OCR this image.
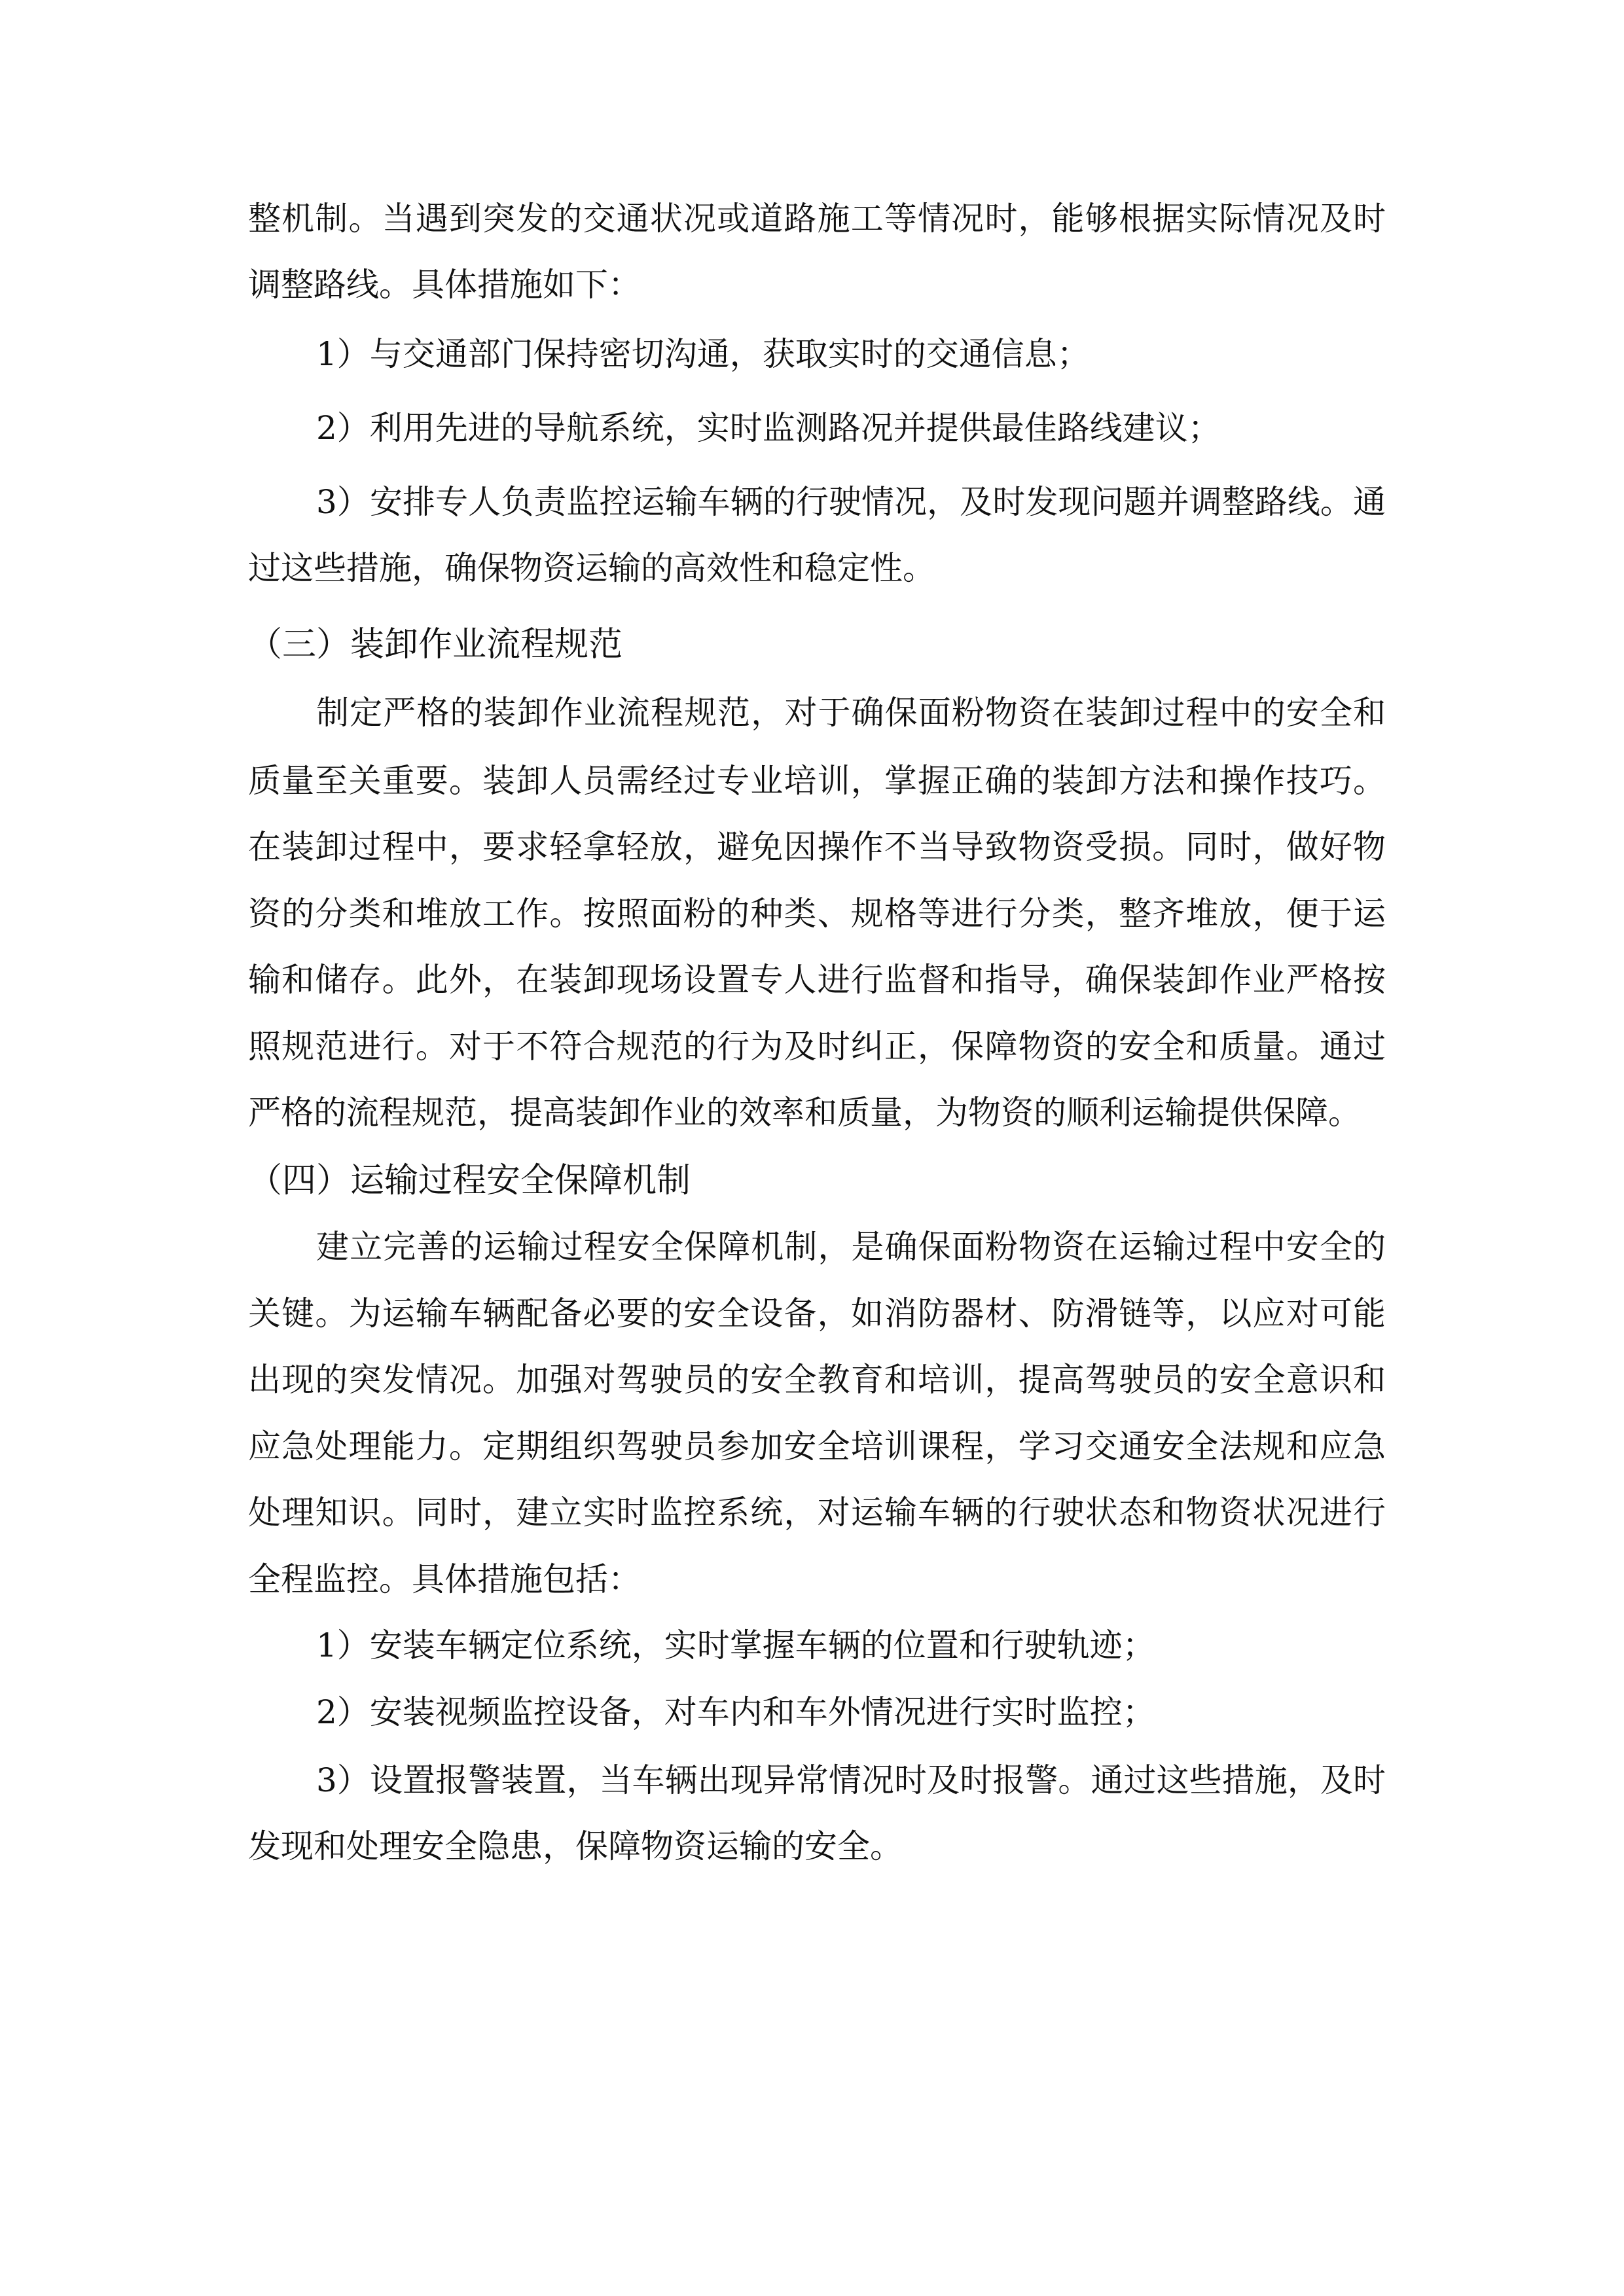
整机制。当遇到突发的交通状况或道路施工等情况时，能够根据实际情况及时
调整路线。具体措施如下：
1）与交通部门保持密切沟通，获取实时的交通信息；
2）利用先进的导航系统，实时监测路况并提供最佳路线建议；
3）安排专人负责监控运输车辆的行驶情况，及时发现问题并调整路线。通
过这些措施，确保物资运输的高效性和稳定性。
（三）装卸作业流程规范
制定严格的装卸作业流程规范，对于确保面粉物资在装卸过程中的安全和
质量至关重要。装卸人员需经过专业培训，掌握正确的装卸方法和操作技巧。
在装卸过程中，要求轻拿轻放，避免因操作不当导致物资受损。同时，做好物
资的分类和堆放工作。按照面粉的种类、规格等进行分类，整齐堆放，便于运
输和储存。此外，在装卸现场设置专人进行监督和指导，确保装卸作业严格按
照规范进行。对于不符合规范的行为及时纠正，保障物资的安全和质量。通过
严格的流程规范，提高装卸作业的效率和质量，为物资的顺利运输提供保障。
（四）运输过程安全保障机制
建立完善的运输过程安全保障机制，是确保面粉物资在运输过程中安全的
关键。为运输车辆配备必要的安全设备，如消防器材、防滑链等，以应对可能
出现的突发情况。加强对驾驶员的安全教育和培训，提高驾驶员的安全意识和
应急处理能力。定期组织驾驶员参加安全培训课程，学习交通安全法规和应急
处理知识。同时，建立实时监控系统，对运输车辆的行驶状态和物资状况进行
全程监控。具体措施包括：
1）安装车辆定位系统，实时掌握车辆的位置和行驶轨迹；
2）安装视频监控设备，对车内和车外情况进行实时监控；
3）设置报警装置，当车辆出现异常情况时及时报警。通过这些措施，及时
发现和处理安全隐患，保障物资运输的安全。
